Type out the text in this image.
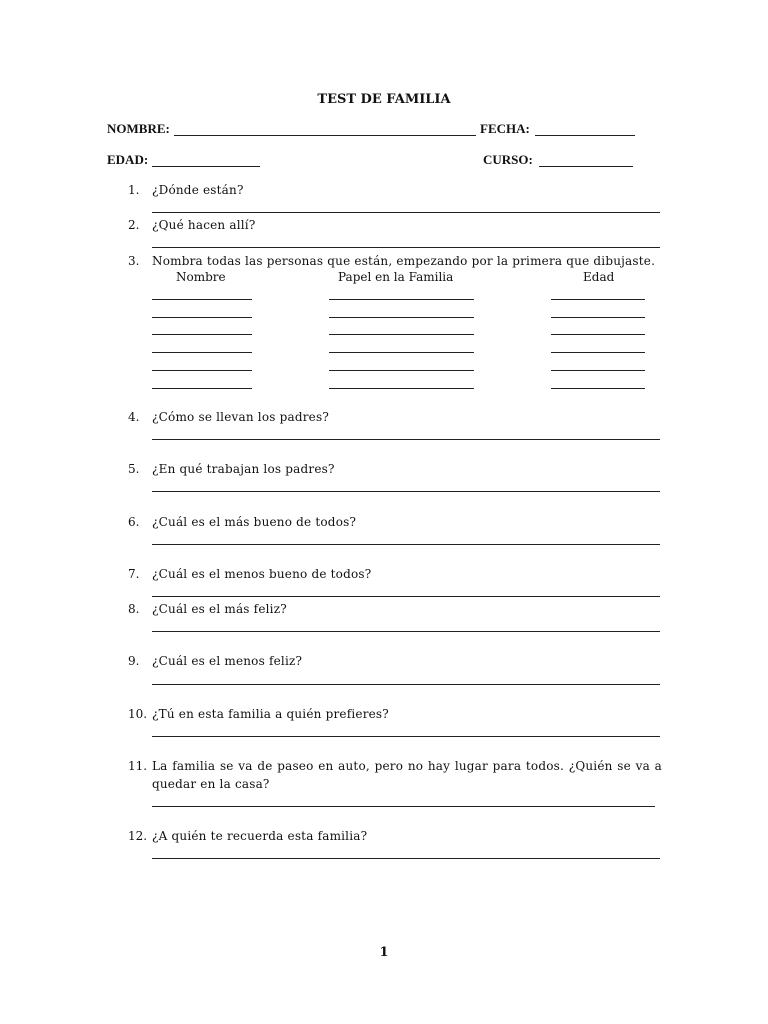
TEST DE FAMILIA
NOMBRE:	FECHA:
EDAD:	CURSO:
1.	¿Dónde están?
2.	¿Qué hacen allí?
3.	Nombra todas las personas que están, empezando por la primera que dibujaste.
Nombre	Papel en la Familia	Edad
4.	¿Cómo se llevan los padres?
5.	¿En qué trabajan los padres?
6.	¿Cuál es el más bueno de todos?
7.	¿Cuál es el menos bueno de todos?
8.	¿Cuál es el más feliz?
9.	¿Cuál es el menos feliz?
10. ¿Tú en esta familia a quién prefieres?
11. La familia se va de paseo en auto, pero no hay lugar para todos. ¿Quién se va a
quedar en la casa?
12. ¿A quién te recuerda esta familia?
1
